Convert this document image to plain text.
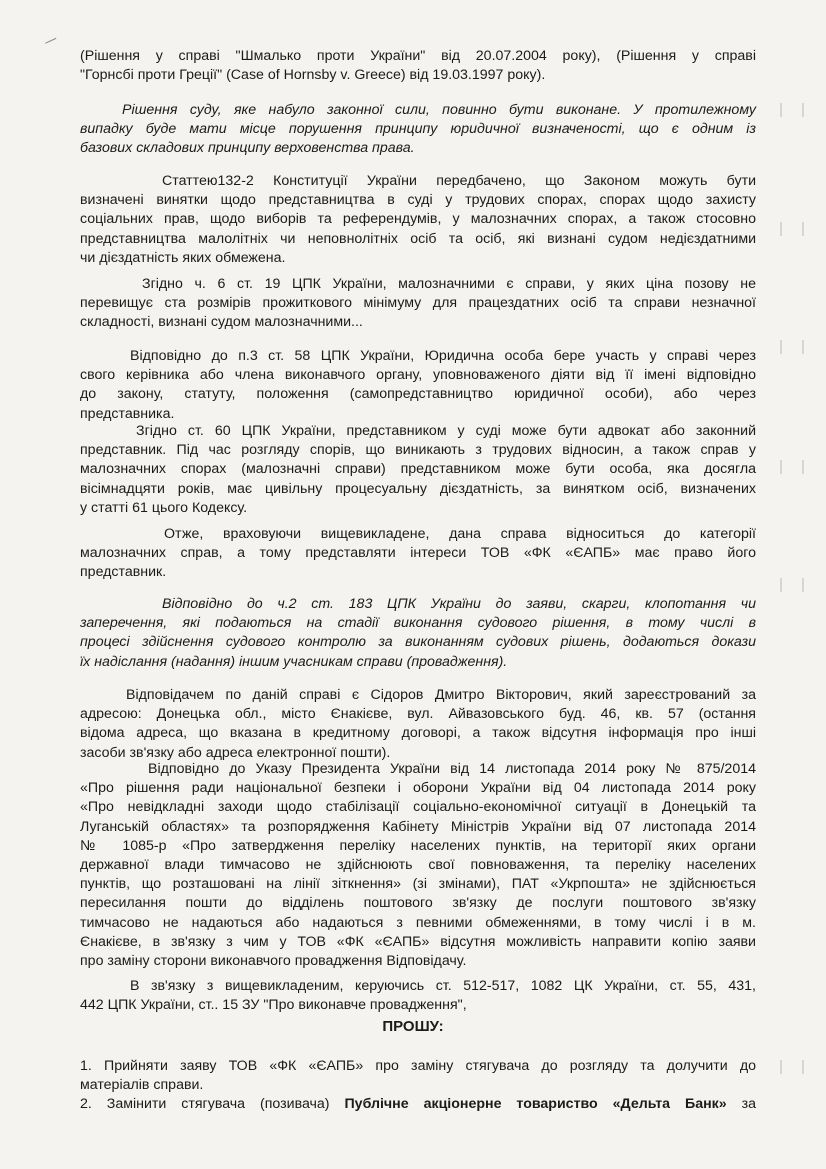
(Рішення у справі "Шмалько проти України" від 20.07.2004 року), (Рішення у справі
"Горнсбі проти Греції" (Case of Hornsby v. Greece) від 19.03.1997 року).
Рішення суду, яке набуло законної сили, повинно бути виконане. У протилежному
випадку буде мати місце порушення принципу юридичної визначеності, що є одним із
базових складових принципу верховенства права.
Статтею132-2 Конституції України передбачено, що Законом можуть бути
визначені винятки щодо представництва в суді у трудових спорах, спорах щодо захисту
соціальних прав, щодо виборів та референдумів, у малозначних спорах, а також стосовно
представництва малолітніх чи неповнолітніх осіб та осіб, які визнані судом недієздатними
чи дієздатність яких обмежена.
Згідно ч. 6 ст. 19 ЦПК України, малозначними є справи, у яких ціна позову не
перевищує ста розмірів прожиткового мінімуму для працездатних осіб та справи незначної
складності, визнані судом малозначними...
Відповідно до п.3 ст. 58 ЦПК України, Юридична особа бере участь у справі через
свого керівника або члена виконавчого органу, уповноваженого діяти від її імені відповідно
до закону, статуту, положення (самопредставництво юридичної особи), або через
представника.
Згідно ст. 60 ЦПК України, представником у суді може бути адвокат або законний
представник. Під час розгляду спорів, що виникають з трудових відносин, а також справ у
малозначних спорах (малозначні справи) представником може бути особа, яка досягла
вісімнадцяти років, має цивільну процесуальну дієздатність, за винятком осіб, визначених
у статті 61 цього Кодексу.
Отже, враховуючи вищевикладене, дана справа відноситься до категорії
малозначних справ, а тому представляти інтереси ТОВ «ФК «ЄАПБ» має право його
представник.
Відповідно до ч.2 ст. 183 ЦПК України до заяви, скарги, клопотання чи
заперечення, які подаються на стадії виконання судового рішення, в тому числі в
процесі здійснення судового контролю за виконанням судових рішень, додаються докази
їх надіслання (надання) іншим учасникам справи (провадження).
Відповідачем по даній справі є Сідоров Дмитро Вікторович, який зареєстрований за
адресою: Донецька обл., місто Єнакієве, вул. Айвазовського буд. 46, кв. 57 (остання
відома адреса, що вказана в кредитному договорі, а також відсутня інформація про інші
засоби зв'язку або адреса електронної пошти).
Відповідно до Указу Президента України від 14 листопада 2014 року № 875/2014
«Про рішення ради національної безпеки і оборони України від 04 листопада 2014 року
«Про невідкладні заходи щодо стабілізації соціально-економічної ситуації в Донецькій та
Луганській областях» та розпорядження Кабінету Міністрів України від 07 листопада 2014
№ 1085-р «Про затвердження переліку населених пунктів, на території яких органи
державної влади тимчасово не здійснюють свої повноваження, та переліку населених
пунктів, що розташовані на лінії зіткнення» (зі змінами), ПАТ «Укрпошта» не здійснюється
пересилання пошти до відділень поштового зв'язку де послуги поштового зв'язку
тимчасово не надаються або надаються з певними обмеженнями, в тому числі і в м.
Єнакієве, в зв'язку з чим у ТОВ «ФК «ЄАПБ» відсутня можливість направити копію заяви
про заміну сторони виконавчого провадження Відповідачу.
В зв'язку з вищевикладеним, керуючись ст. 512-517, 1082 ЦК України, ст. 55, 431,
442 ЦПК України, ст.. 15 ЗУ "Про виконавче провадження",
ПРОШУ:
1. Прийняти заяву ТОВ «ФК «ЄАПБ» про заміну стягувача до розгляду та долучити до
матеріалів справи.
2. Замінити стягувача (позивача) Публічне акціонерне товариство «Дельта Банк» за
